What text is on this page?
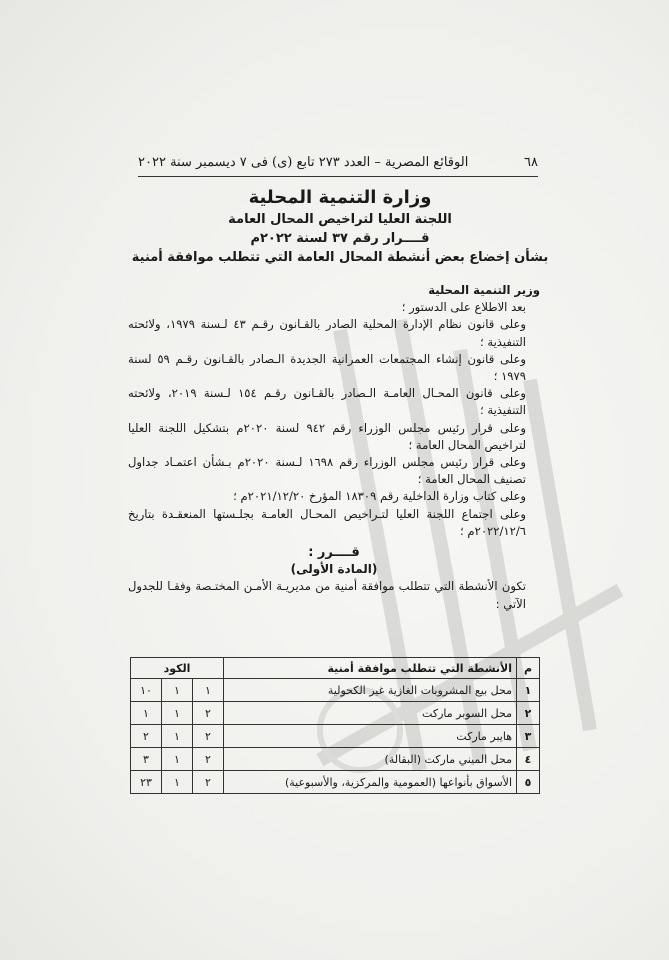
٦٨
الوقائع المصرية – العدد ٢٧٣ تابع (ى) فى ٧ ديسمبر سنة ٢٠٢٢

وزارة التنمية المحلية

اللجنة العليا لتراخيص المحال العامة

قــــرار رقم ٣٧ لسنة ٢٠٢٢م

بشأن إخضاع بعض أنشطة المحال العامة التي تتطلب موافقة أمنية

وزير التنمية المحلية

بعد الاطلاع على الدستور ؛

وعلى قانون نظام الإدارة المحلية الصادر بالقـانون رقـم ٤٣ لـسنة ١٩٧٩، ولائحته التنفيذية ؛

وعلى قانون إنشاء المجتمعات العمرانية الجديدة الـصادر بالقـانون رقـم ٥٩ لسنة ١٩٧٩ ؛

وعلى قانون المحـال العامـة الـصادر بالقـانون رقـم ١٥٤ لـسنة ٢٠١٩، ولائحته التنفيذية ؛

وعلى قرار رئيس مجلس الوزراء رقم ٩٤٢ لسنة ٢٠٢٠م بتشكيل اللجنة العليا لتراخيص المحال العامة ؛

وعلى قرار رئيس مجلس الوزراء رقم ١٦٩٨ لـسنة ٢٠٢٠م بـشأن اعتمـاد جداول تصنيف المحال العامة ؛

وعلى كتاب وزارة الداخلية رقم ١٨٣٠٩ المؤرخ ٢٠٢١/١٢/٢٠م ؛

وعلى اجتماع اللجنة العليا لتـراخيص المحـال العامـة بجلـستها المنعقـدة بتاريخ ٢٠٢٢/١٢/٦م ؛

قــــرر :

(المادة الأولى)

تكون الأنشطة التي تتطلب موافقة أمنية من مديريـة الأمـن المختـصة وفقـا للجدول الآتي :

م	الأنشطة التي تتطلب موافقة أمنية	الكود		
١	محل بيع المشروبات الغازية غير الكحولية	١	١	١٠
٢	محل السوبر ماركت	٢	١	١
٣	هايبر ماركت	٢	١	٢
٤	محل الميني ماركت (البقالة)	٢	١	٣
٥	الأسواق بأنواعها (العمومية والمركزية، والأسبوعية)	٢	١	٢٣
